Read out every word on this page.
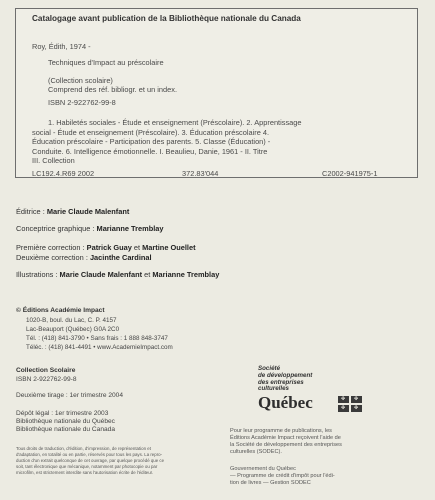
Catalogage avant publication de la Bibliothèque nationale du Canada
Roy, Édith, 1974 -
Techniques d'Impact au préscolaire
(Collection scolaire)
Comprend des réf. bibliogr. et un index.
ISBN 2-922762-99-8
1. Habiletés sociales - Étude et enseignement (Préscolaire). 2. Apprentissage
social - Étude et enseignement (Préscolaire). 3. Éducation préscolaire 4.
Éducation préscolaire - Participation des parents. 5. Classe (Éducation) -
Conduite. 6. Intelligence émotionnelle. I. Beaulieu, Danie, 1961 - II. Titre
III. Collection
LC192.4.R69 2002	372.83'044	C2002-941975-1
Éditrice : Marie Claude Malenfant
Conceptrice graphique : Marianne Tremblay
Première correction : Patrick Guay et Martine Ouellet
Deuxième correction : Jacinthe Cardinal
Illustrations : Marie Claude Malenfant et Marianne Tremblay
© Éditions Académie Impact
1020-B, boul. du Lac, C. P. 4157
Lac-Beauport (Québec) G0A 2C0
Tél. : (418) 841-3790 • Sans frais : 1 888 848-3747
Téléc. : (418) 841-4491 • www.AcademieImpact.com
Collection Scolaire
ISBN 2-922762-99-8
Deuxième tirage : 1er trimestre 2004
Dépôt légal : 1er trimestre 2003
Bibliothèque nationale du Québec
Bibliothèque nationale du Canada
Tous droits de traduction, d'édition, d'impression, de représentation et
d'adaptation, en totalité ou en partie, réservés pour tous les pays. La repro-
duction d'un extrait quelconque de cet ouvrage, par quelque procédé que ce
soit, tant électronique que mécanique, notamment par photocopie ou par
microfilm, est strictement interdite sans l'autorisation écrite de l'éditeur.
Société
de développement
des entreprises
culturelles
Québec	✤ ✤
✤ ✤
Pour leur programme de publications, les
Éditions Académie Impact reçoivent l'aide de
la Société de développement des entreprises
culturelles (SODEC).
Gouvernement du Québec
— Programme de crédit d'impôt pour l'édi-
tion de livres — Gestion SODEC
